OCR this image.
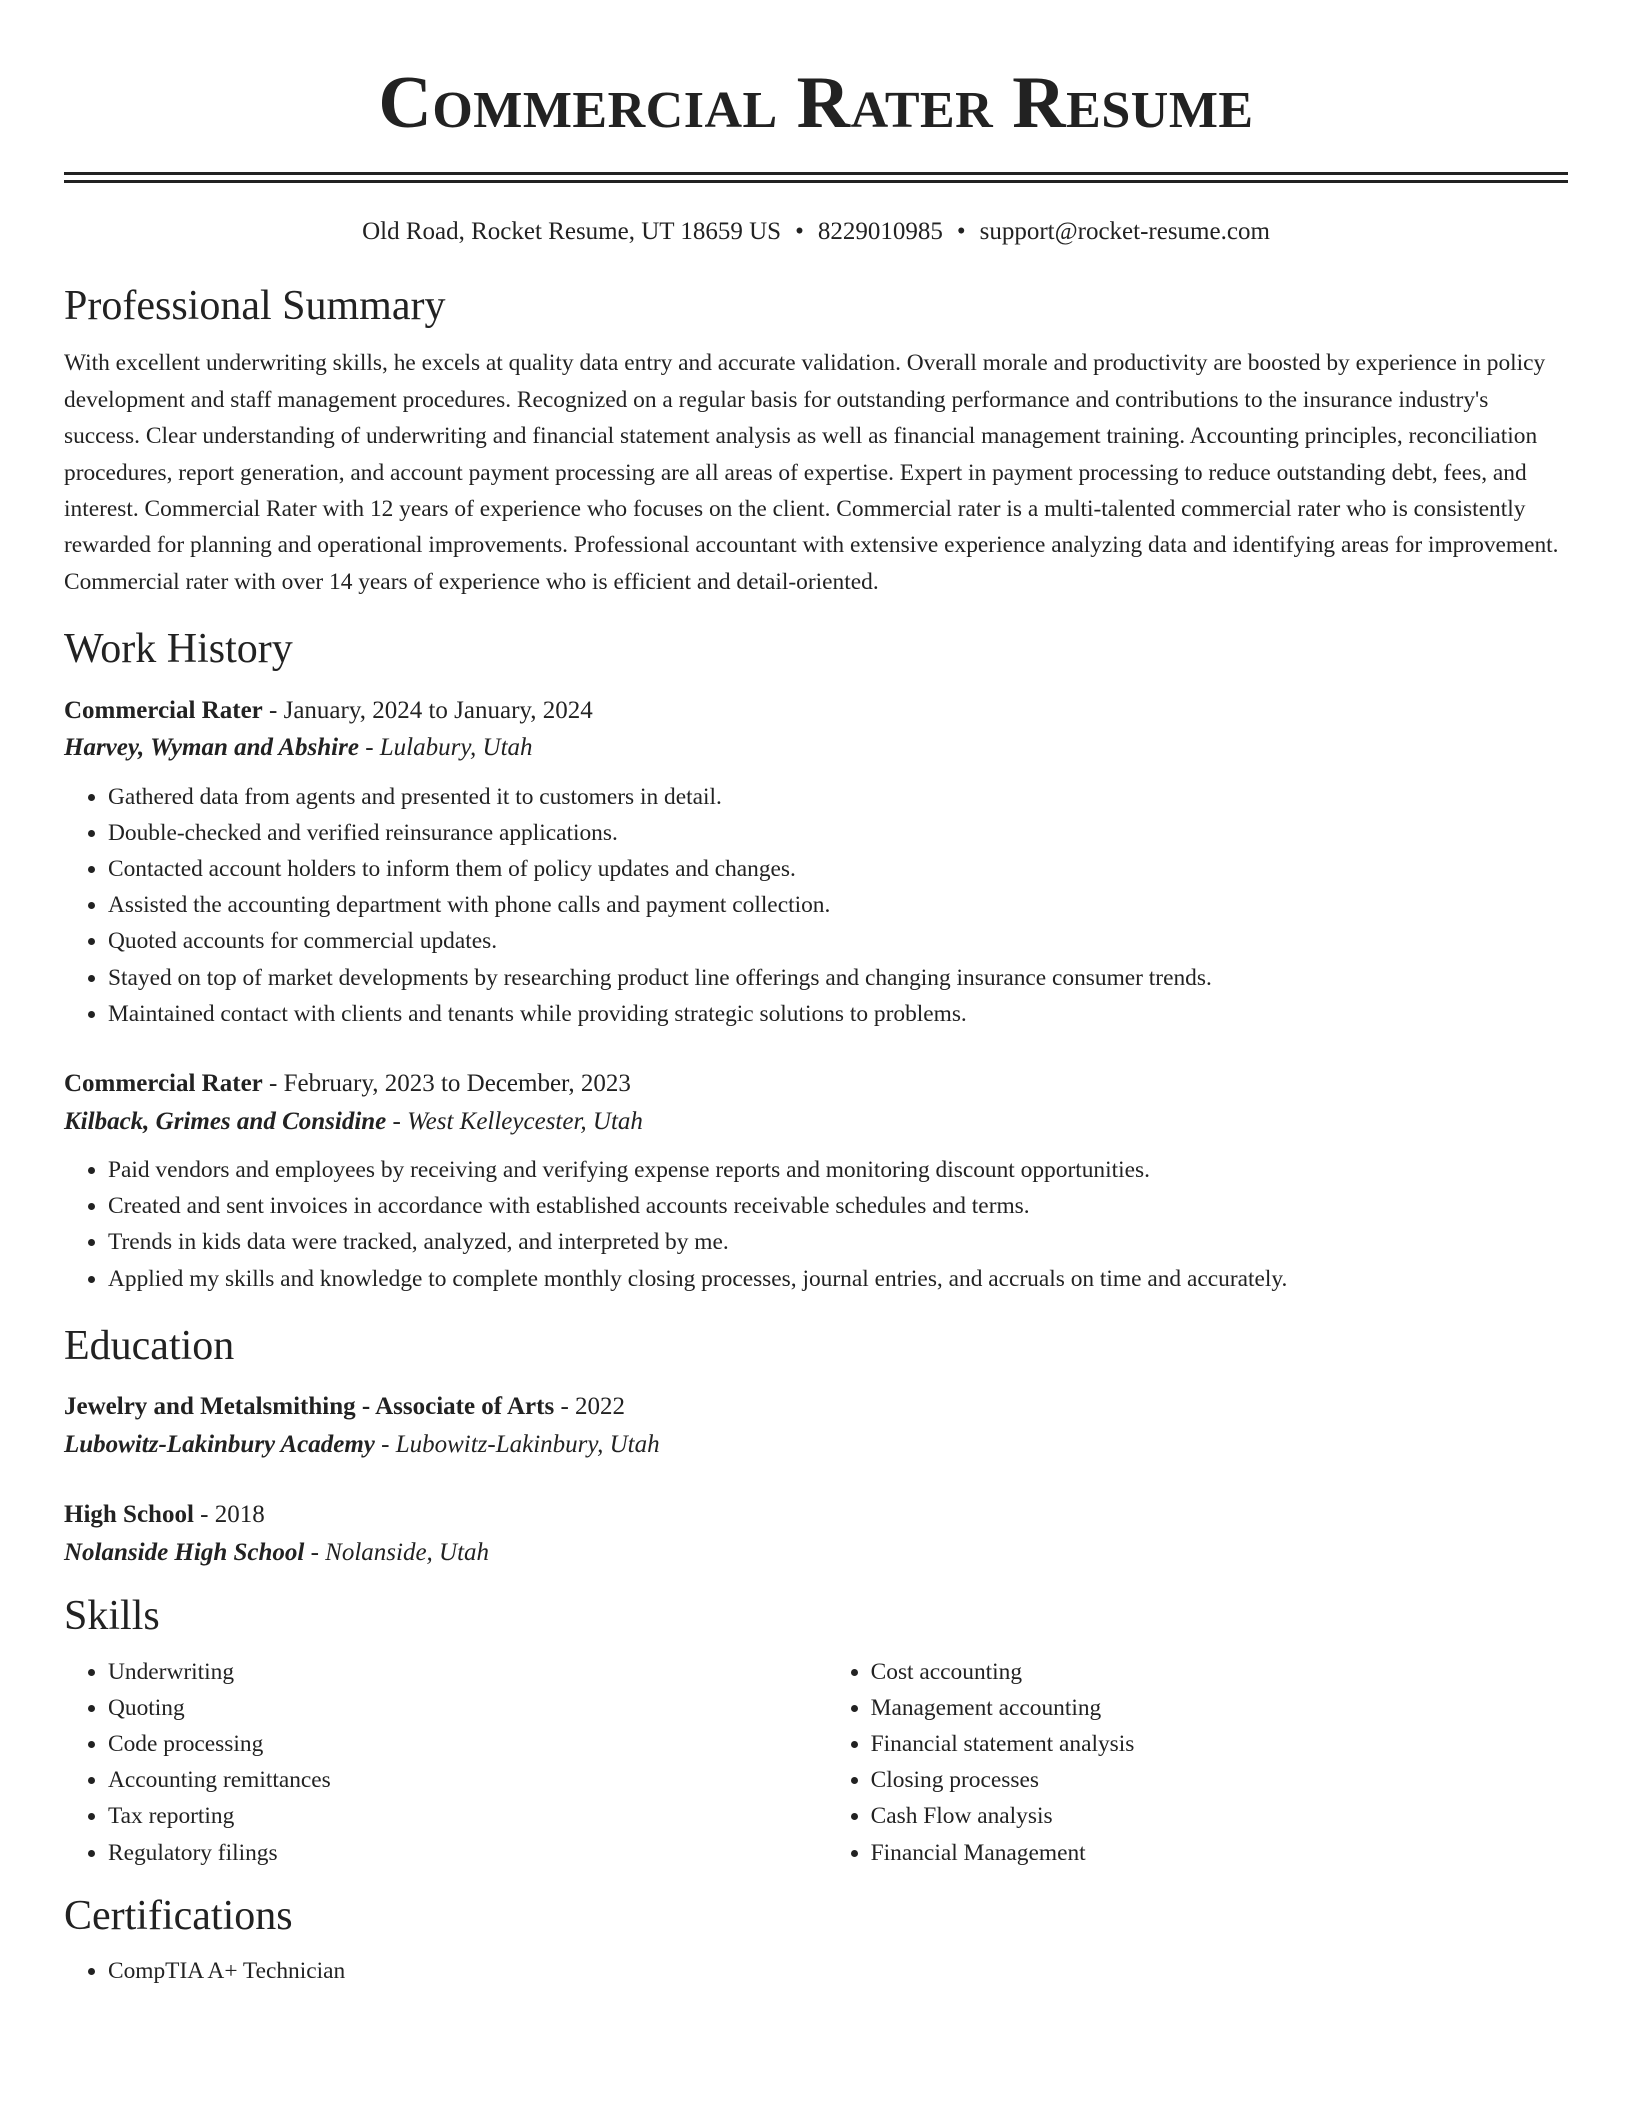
Commercial Rater Resume
Old Road, Rocket Resume, UT 18659 US • 8229010985 • support@rocket-resume.com
Professional Summary

With excellent underwriting skills, he excels at quality data entry and accurate validation. Overall morale and productivity are boosted by experience in policy development and staff management procedures. Recognized on a regular basis for outstanding performance and contributions to the insurance industry's success. Clear understanding of underwriting and financial statement analysis as well as financial management training. Accounting principles, reconciliation procedures, report generation, and account payment processing are all areas of expertise. Expert in payment processing to reduce outstanding debt, fees, and interest. Commercial Rater with 12 years of experience who focuses on the client. Commercial rater is a multi-talented commercial rater who is consistently rewarded for planning and operational improvements. Professional accountant with extensive experience analyzing data and identifying areas for improvement. Commercial rater with over 14 years of experience who is efficient and detail-oriented.

Work History
Commercial Rater - January, 2024 to January, 2024
Harvey, Wyman and Abshire - Lulabury, Utah
• Gathered data from agents and presented it to customers in detail.
• Double-checked and verified reinsurance applications.
• Contacted account holders to inform them of policy updates and changes.
• Assisted the accounting department with phone calls and payment collection.
• Quoted accounts for commercial updates.
• Stayed on top of market developments by researching product line offerings and changing insurance consumer trends.
• Maintained contact with clients and tenants while providing strategic solutions to problems.
Commercial Rater - February, 2023 to December, 2023
Kilback, Grimes and Considine - West Kelleycester, Utah
• Paid vendors and employees by receiving and verifying expense reports and monitoring discount opportunities.
• Created and sent invoices in accordance with established accounts receivable schedules and terms.
• Trends in kids data were tracked, analyzed, and interpreted by me.
• Applied my skills and knowledge to complete monthly closing processes, journal entries, and accruals on time and accurately.
Education
Jewelry and Metalsmithing - Associate of Arts - 2022
Lubowitz-Lakinbury Academy - Lubowitz-Lakinbury, Utah
High School - 2018
Nolanside High School - Nolanside, Utah
Skills
• Underwriting
• Quoting
• Code processing
• Accounting remittances
• Tax reporting
• Regulatory filings
• Cost accounting
• Management accounting
• Financial statement analysis
• Closing processes
• Cash Flow analysis
• Financial Management
Certifications
• CompTIA A+ Technician
